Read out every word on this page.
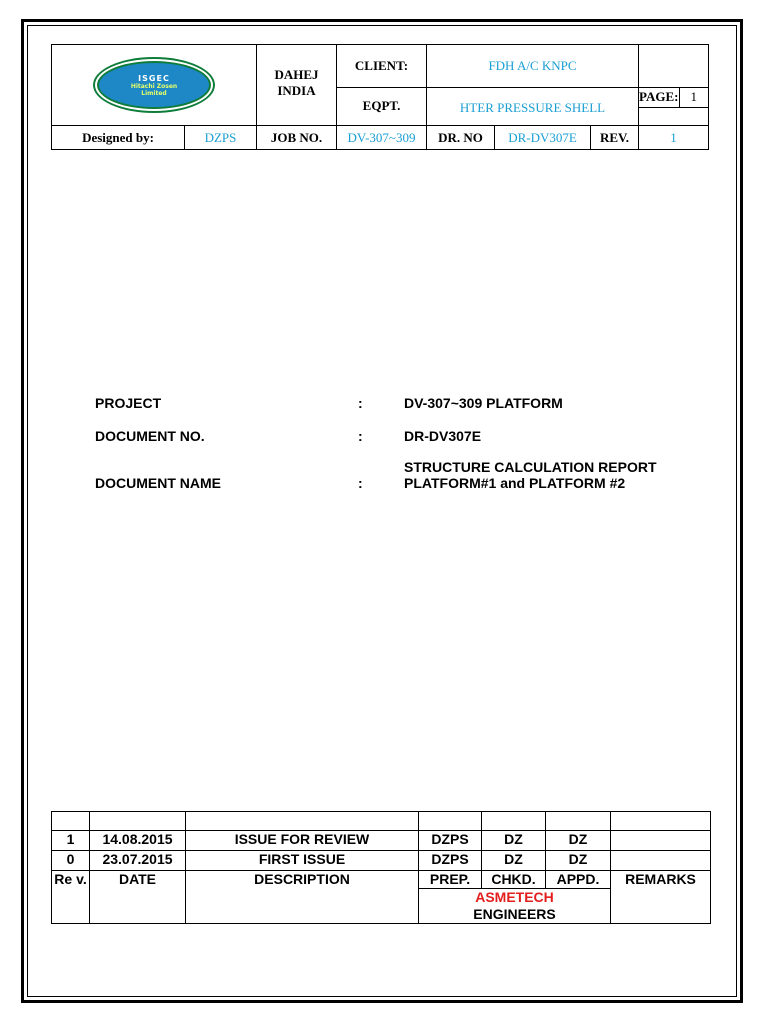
ISGEC
Hitachi Zosen
Limited

DAHEJ
INDIA
	CLIENT:	FDH A/C KNPC	
EQPT.	HTER PRESSURE SHELL	
PAGE:	1

Designed by:	DZPS	JOB NO.	DV-307~309	DR. NO	DR-DV307E	REV.	1
PROJECT	:	DV-307~309 PLATFORM
DOCUMENT NO.	:	DR-DV307E
DOCUMENT NAME	:
STRUCTURE CALCULATION REPORT
PLATFORM#1 and PLATFORM #2

1	14.08.2015	ISSUE FOR REVIEW	DZPS	DZ	DZ	
0	23.07.2015	FIRST ISSUE	DZPS	DZ	DZ	
Re v.	DATE	DESCRIPTION	PREP.	CHKD.	APPD.	REMARKS

			ASMETECH
ENGINEERS			
